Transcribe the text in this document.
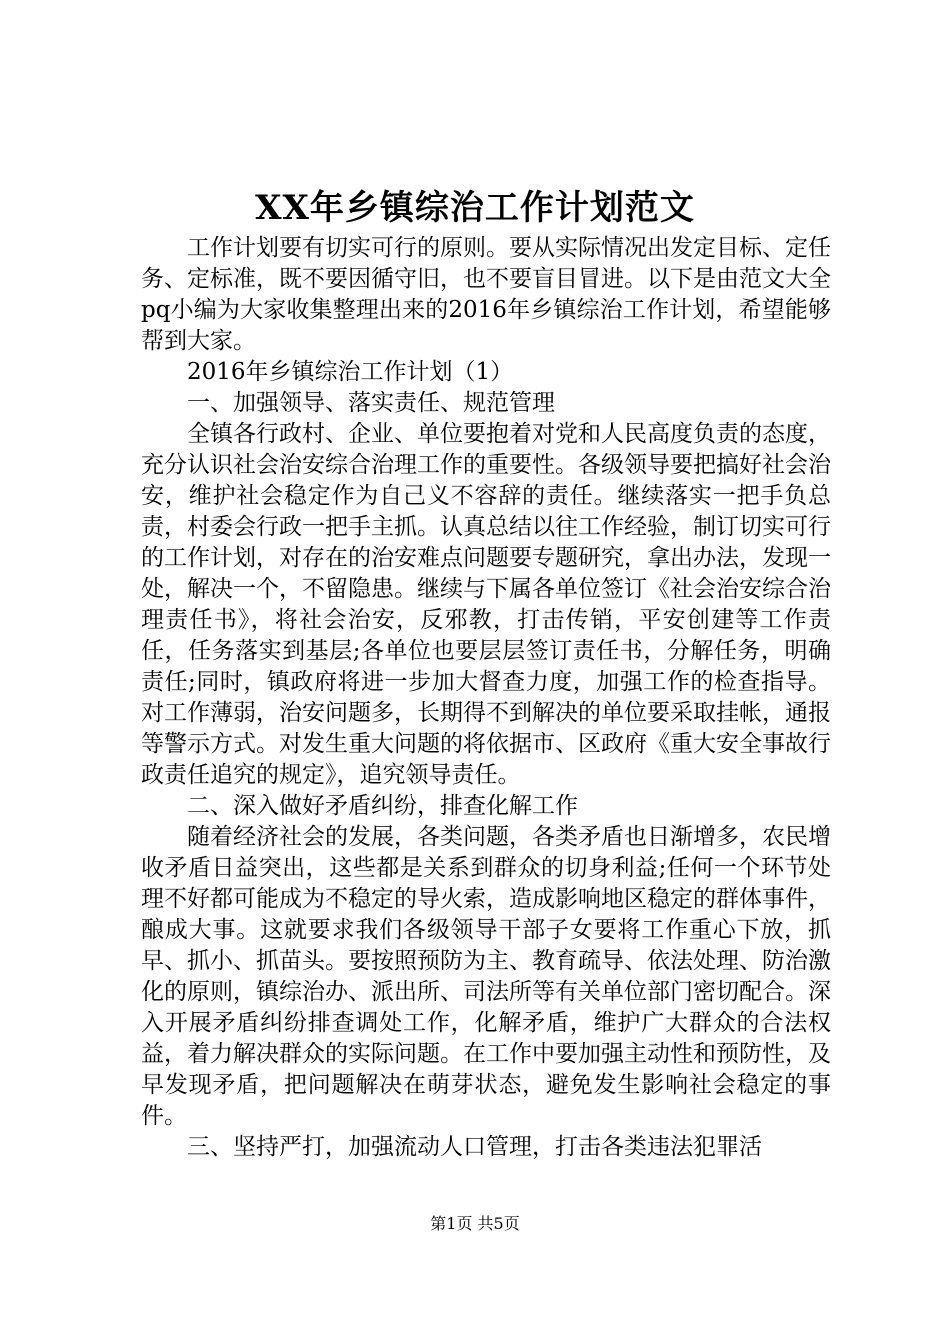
XX年乡镇综治工作计划范文

工作计划要有切实可行的原则。要从实际情况出发定目标、定任务、定标准，既不要因循守旧，也不要盲目冒进。以下是由范文大全pq小编为大家收集整理出来的2016年乡镇综治工作计划，希望能够帮到大家。

2016年乡镇综治工作计划（1）

一、加强领导、落实责任、规范管理

全镇各行政村、企业、单位要抱着对党和人民高度负责的态度，充分认识社会治安综合治理工作的重要性。各级领导要把搞好社会治安，维护社会稳定作为自己义不容辞的责任。继续落实一把手负总责，村委会行政一把手主抓。认真总结以往工作经验，制订切实可行的工作计划，对存在的治安难点问题要专题研究，拿出办法，发现一处，解决一个，不留隐患。继续与下属各单位签订《社会治安综合治理责任书》，将社会治安，反邪教，打击传销，平安创建等工作责任，任务落实到基层;各单位也要层层签订责任书，分解任务，明确责任;同时，镇政府将进一步加大督查力度，加强工作的检查指导。对工作薄弱，治安问题多，长期得不到解决的单位要采取挂帐，通报等警示方式。对发生重大问题的将依据市、区政府《重大安全事故行政责任追究的规定》，追究领导责任。

二、深入做好矛盾纠纷，排查化解工作

随着经济社会的发展，各类问题，各类矛盾也日渐增多，农民增收矛盾日益突出，这些都是关系到群众的切身利益;任何一个环节处理不好都可能成为不稳定的导火索，造成影响地区稳定的群体事件，酿成大事。这就要求我们各级领导干部子女要将工作重心下放，抓早、抓小、抓苗头。要按照预防为主、教育疏导、依法处理、防治激化的原则，镇综治办、派出所、司法所等有关单位部门密切配合。深入开展矛盾纠纷排查调处工作，化解矛盾，维护广大群众的合法权益，着力解决群众的实际问题。在工作中要加强主动性和预防性，及早发现矛盾，把问题解决在萌芽状态，避免发生影响社会稳定的事件。

三、坚持严打，加强流动人口管理，打击各类违法犯罪活

第1页 共5页
